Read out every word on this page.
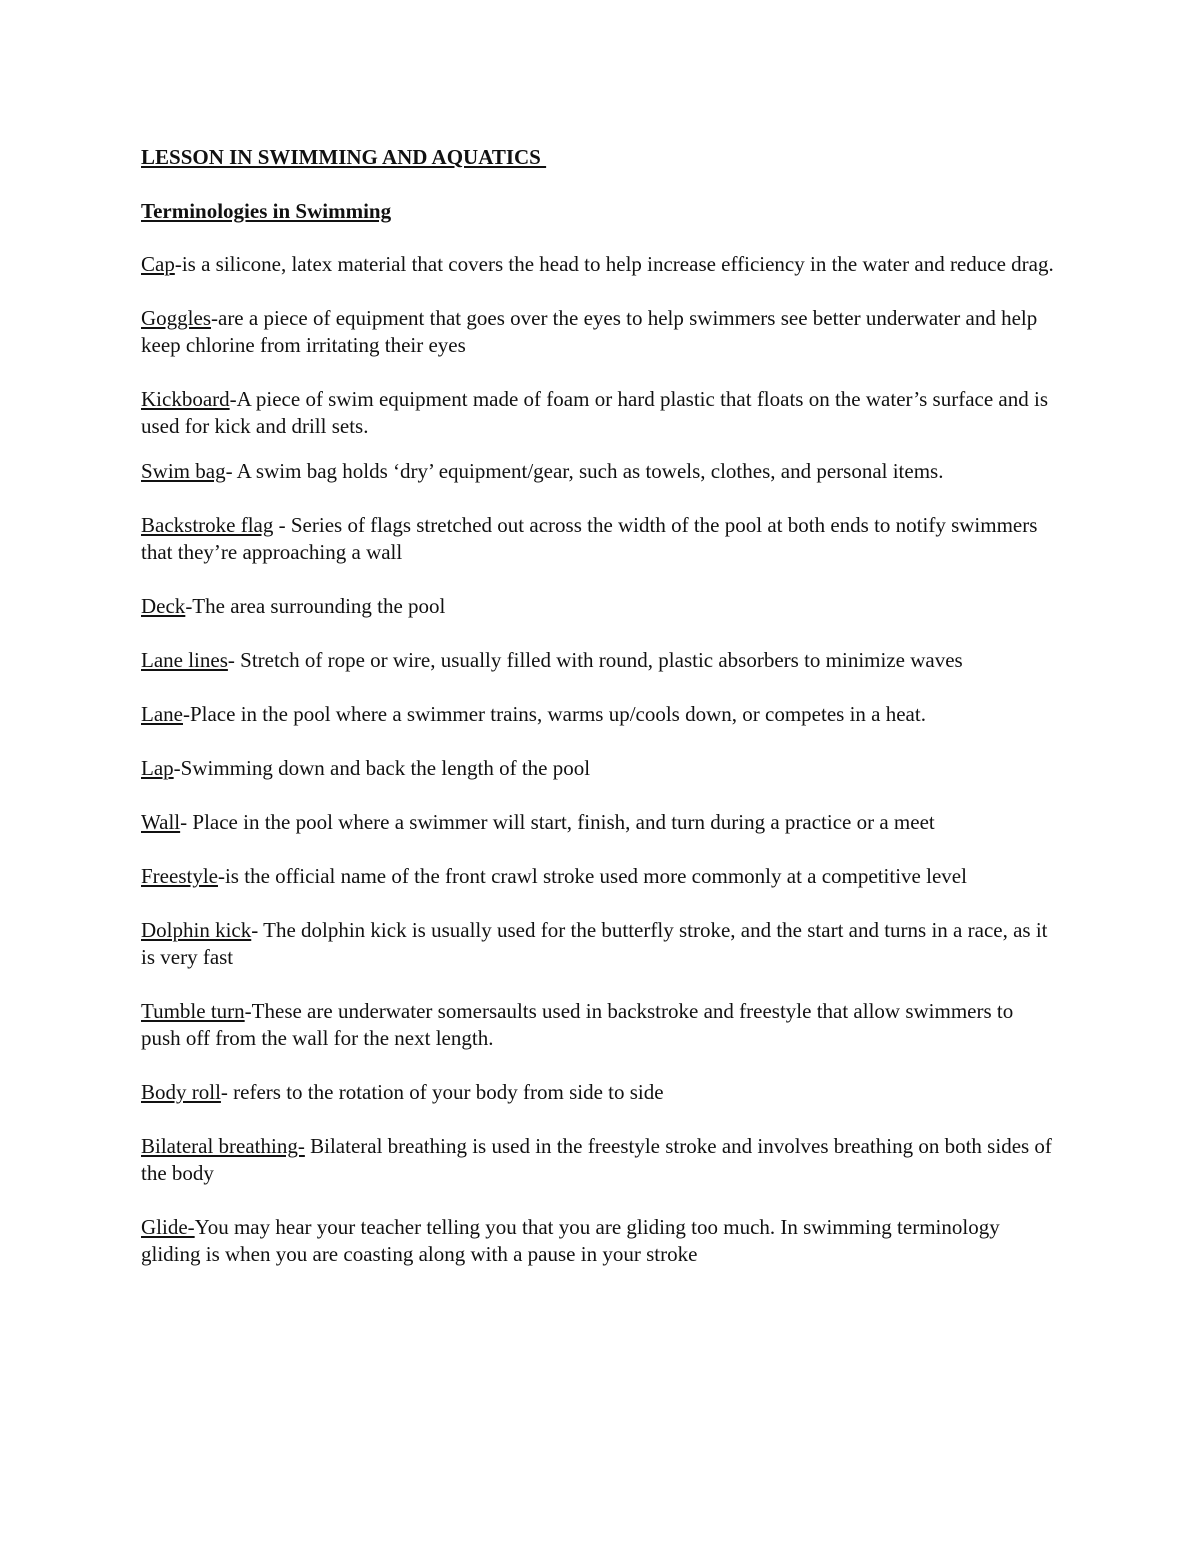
LESSON IN SWIMMING AND AQUATICS
Terminologies in Swimming
Cap-is a silicone, latex material that covers the head to help increase efficiency in the water and reduce drag.
Goggles-are a piece of equipment that goes over the eyes to help swimmers see better underwater and help keep chlorine from irritating their eyes
Kickboard-A piece of swim equipment made of foam or hard plastic that floats on the water’s surface and is used for kick and drill sets.
Swim bag- A swim bag holds ‘dry’ equipment/gear, such as towels, clothes, and personal items.
Backstroke flag - Series of flags stretched out across the width of the pool at both ends to notify swimmers that they’re approaching a wall
Deck-The area surrounding the pool
Lane lines- Stretch of rope or wire, usually filled with round, plastic absorbers to minimize waves
Lane-Place in the pool where a swimmer trains, warms up/cools down, or competes in a heat.
Lap-Swimming down and back the length of the pool
Wall- Place in the pool where a swimmer will start, finish, and turn during a practice or a meet
Freestyle-is the official name of the front crawl stroke used more commonly at a competitive level
Dolphin kick- The dolphin kick is usually used for the butterfly stroke, and the start and turns in a race, as it is very fast
Tumble turn-These are underwater somersaults used in backstroke and freestyle that allow swimmers to push off from the wall for the next length.
Body roll- refers to the rotation of your body from side to side
Bilateral breathing- Bilateral breathing is used in the freestyle stroke and involves breathing on both sides of the body
Glide-You may hear your teacher telling you that you are gliding too much. In swimming terminology gliding is when you are coasting along with a pause in your stroke
